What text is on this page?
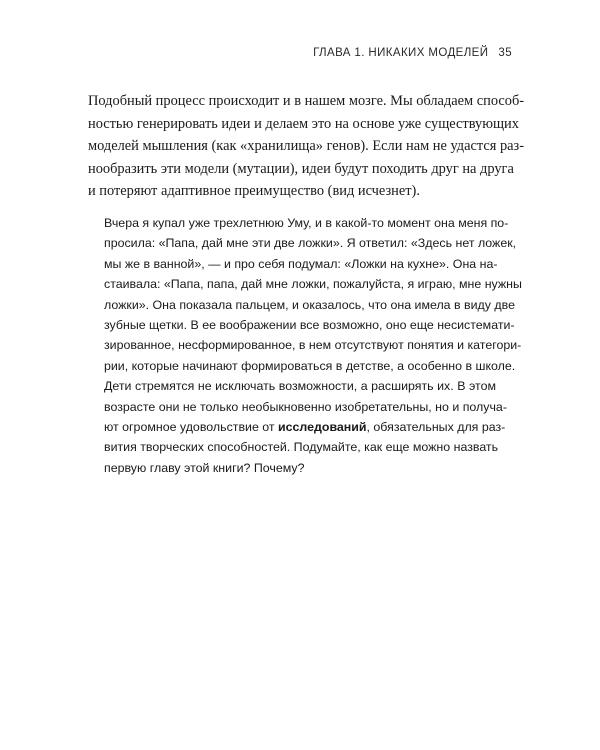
ГЛАВА 1. НИКАКИХ МОДЕЛЕЙ 35

Подобный процесс происходит и в нашем мозге. Мы обладаем способ-
ностью генерировать идеи и делаем это на основе уже существующих
моделей мышления (как «хранилища» генов). Если нам не удастся раз-
нообразить эти модели (мутации), идеи будут походить друг на друга
и потеряют адаптивное преимущество (вид исчезнет).

Вчера я купал уже трехлетнюю Уму, и в какой-то момент она меня по-
просила: «Папа, дай мне эти две ложки». Я ответил: «Здесь нет ложек,
мы же в ванной», — и про себя подумал: «Ложки на кухне». Она на-
стаивала: «Папа, папа, дай мне ложки, пожалуйста, я играю, мне нужны
ложки». Она показала пальцем, и оказалось, что она имела в виду две
зубные щетки. В ее воображении все возможно, оно еще несистемати-
зированное, несформированное, в нем отсутствуют понятия и категори-
рии, которые начинают формироваться в детстве, а особенно в школе.
Дети стремятся не исключать возможности, а расширять их. В этом
возрасте они не только необыкновенно изобретательны, но и получа-
ют огромное удовольствие от исследований, обязательных для раз-
вития творческих способностей. Подумайте, как еще можно назвать
первую главу этой книги? Почему?
